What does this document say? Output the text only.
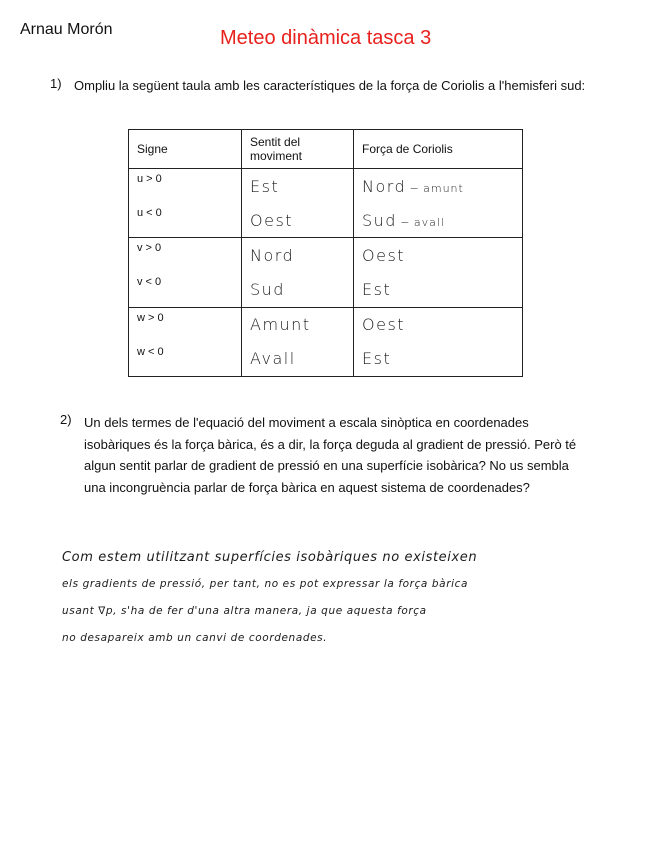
Arnau Morón	Meteo dinàmica tasca 3
1) Ompliu la següent taula amb les característiques de la força de Coriolis a l'hemisferi sud:
Signe	Sentit del moviment	Força de Coriolis
u > 0	Est	Nord ~ amunt
u < 0	Oest	Sud ~ avall
v > 0	Nord	Oest
v < 0	Sud	Est
w > 0	Amunt	Oest
w < 0	Avall	Est
2) Un dels termes de l'equació del moviment a escala sinòptica en coordenades isobàriques és la força bàrica, és a dir, la força deguda al gradient de pressió. Però té algun sentit parlar de gradient de pressió en una superfície isobàrica? No us sembla una incongruència parlar de força bàrica en aquest sistema de coordenades?
Com estem utilitzant superfícies isobàriques no existeixen
els gradients de pressió, per tant, no es pot expressar la força bàrica
usant ∇p, s'ha de fer d'una altra manera, ja que aquesta força
no desapareix amb un canvi de coordenades.
